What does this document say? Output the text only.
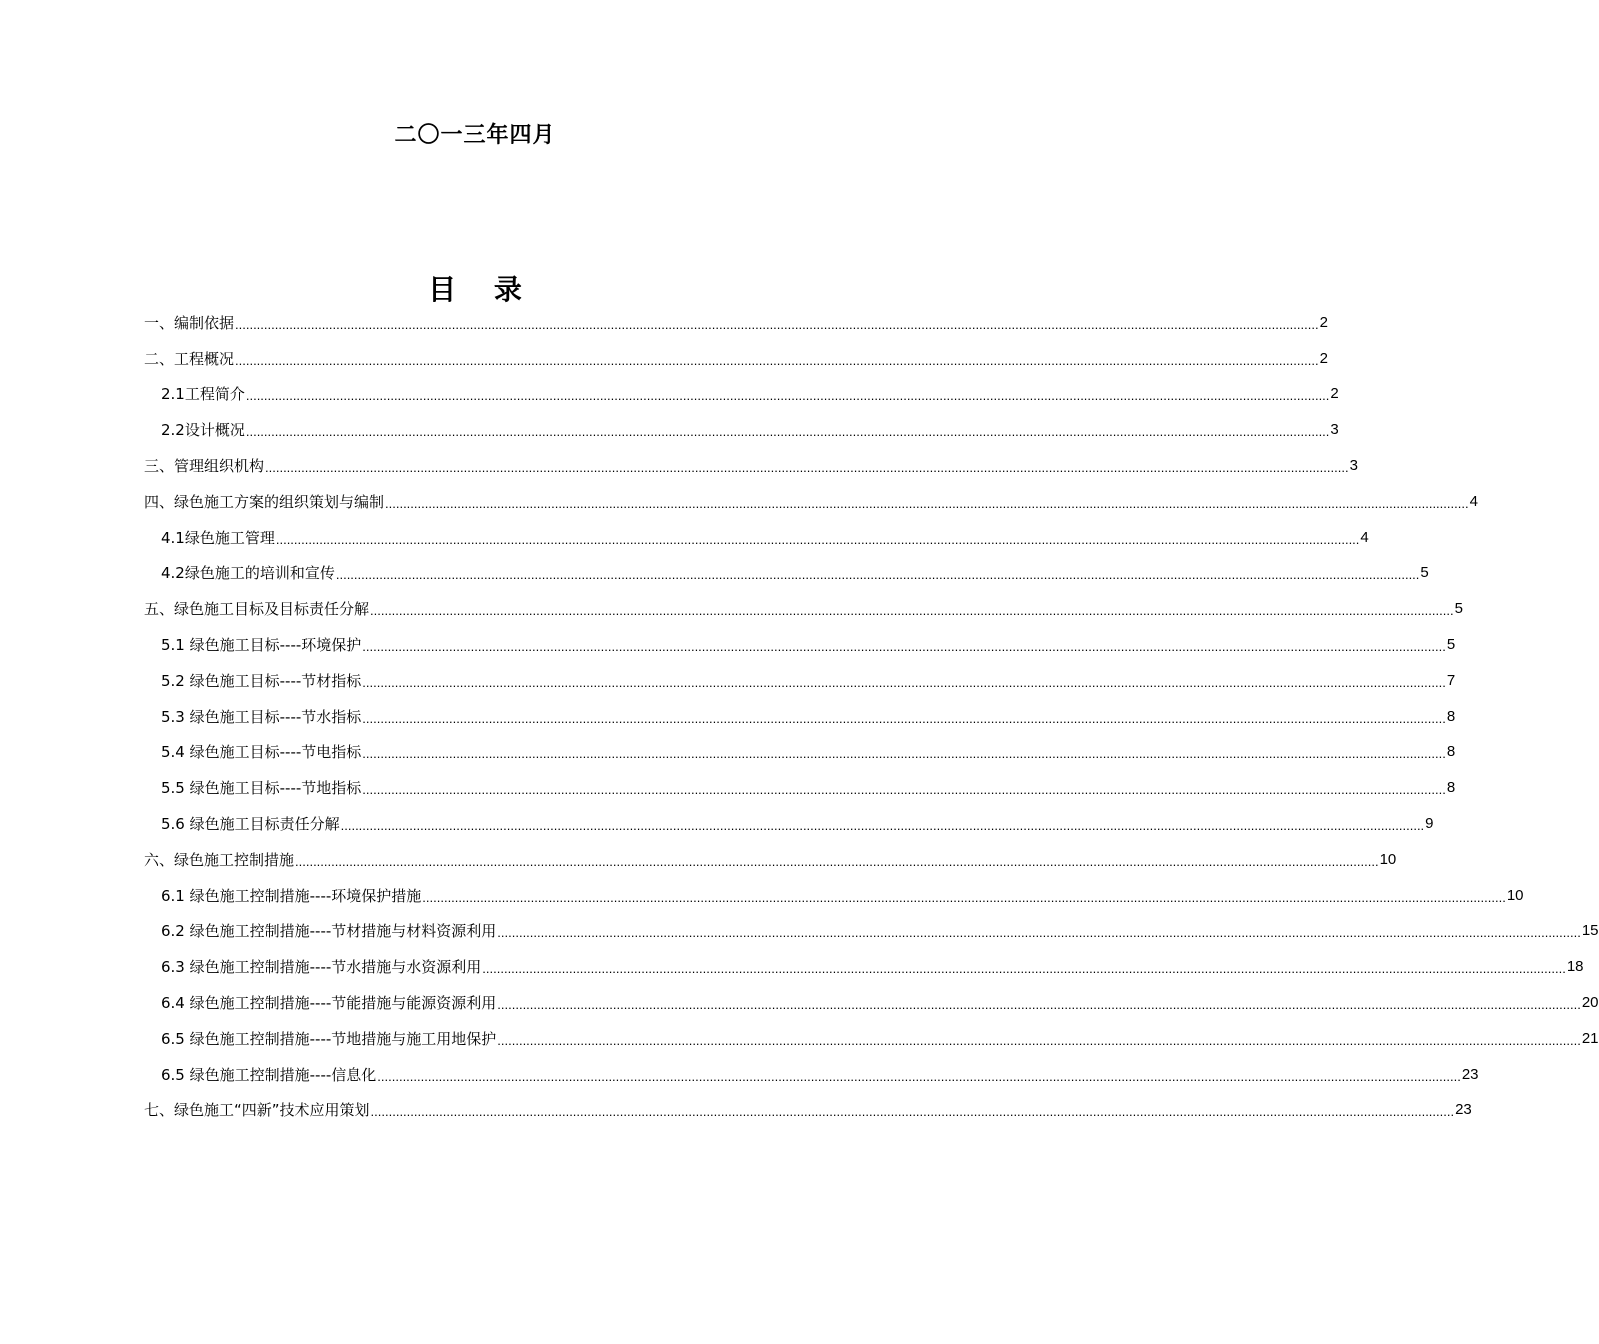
二〇一三年四月
目 录
一、编制依据 ............................................................................................................................................................................................................................................................................................................ 2
二、工程概况 ............................................................................................................................................................................................................................................................................................................ 2
2.1工程简介 ............................................................................................................................................................................................................................................................................................................ 2
2.2设计概况 ............................................................................................................................................................................................................................................................................................................ 3
三、管理组织机构 ............................................................................................................................................................................................................................................................................................................ 3
四、绿色施工方案的组织策划与编制 ............................................................................................................................................................................................................................................................................................................ 4
4.1绿色施工管理 ............................................................................................................................................................................................................................................................................................................ 4
4.2绿色施工的培训和宣传 ............................................................................................................................................................................................................................................................................................................ 5
五、绿色施工目标及目标责任分解 ............................................................................................................................................................................................................................................................................................................ 5
5.1 绿色施工目标----环境保护 ............................................................................................................................................................................................................................................................................................................ 5
5.2 绿色施工目标----节材指标 ............................................................................................................................................................................................................................................................................................................ 7
5.3 绿色施工目标----节水指标 ............................................................................................................................................................................................................................................................................................................ 8
5.4 绿色施工目标----节电指标 ............................................................................................................................................................................................................................................................................................................ 8
5.5 绿色施工目标----节地指标 ............................................................................................................................................................................................................................................................................................................ 8
5.6 绿色施工目标责任分解 ............................................................................................................................................................................................................................................................................................................ 9
六、绿色施工控制措施 ............................................................................................................................................................................................................................................................................................................ 10
6.1 绿色施工控制措施----环境保护措施 ............................................................................................................................................................................................................................................................................................................ 10
6.2 绿色施工控制措施----节材措施与材料资源利用 ............................................................................................................................................................................................................................................................................................................ 15
6.3 绿色施工控制措施----节水措施与水资源利用 ............................................................................................................................................................................................................................................................................................................ 18
6.4 绿色施工控制措施----节能措施与能源资源利用 ............................................................................................................................................................................................................................................................................................................ 20
6.5 绿色施工控制措施----节地措施与施工用地保护 ............................................................................................................................................................................................................................................................................................................ 21
6.5 绿色施工控制措施----信息化 ............................................................................................................................................................................................................................................................................................................ 23
七、绿色施工“四新”技术应用策划 ............................................................................................................................................................................................................................................................................................................ 23
